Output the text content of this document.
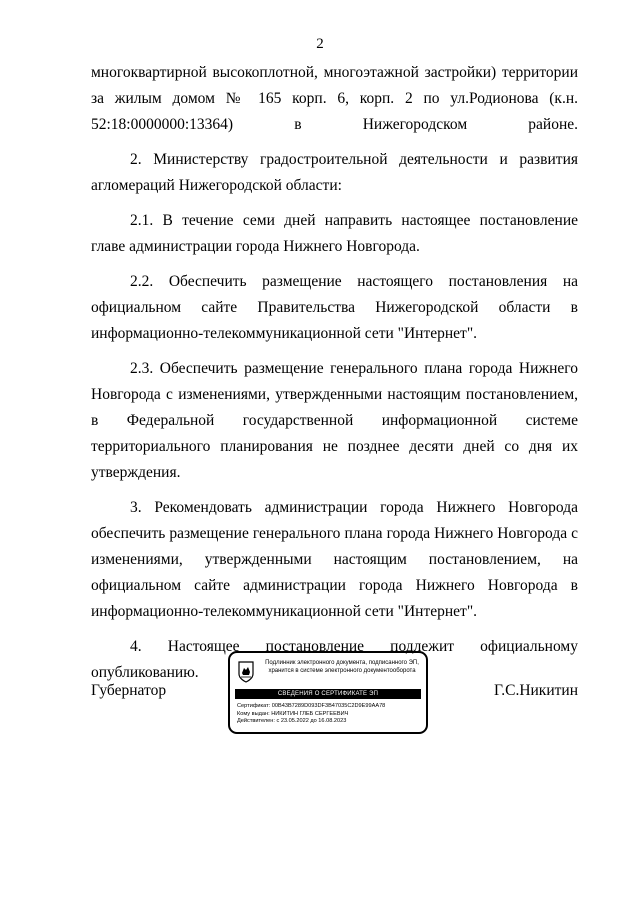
2

многоквартирной высокоплотной, многоэтажной застройки) территории за жилым домом № 165 корп. 6, корп. 2 по ул.Родионова (к.н. 52:18:0000000:13364) в Нижегородском районе.

2. Министерству градостроительной деятельности и развития агломераций Нижегородской области:

2.1. В течение семи дней направить настоящее постановление главе администрации города Нижнего Новгорода.

2.2. Обеспечить размещение настоящего постановления на официальном сайте Правительства Нижегородской области в информационно-телекоммуникационной сети "Интернет".

2.3. Обеспечить размещение генерального плана города Нижнего Новгорода с изменениями, утвержденными настоящим постановлением, в Федеральной государственной информационной системе территориального планирования не позднее десяти дней со дня их утверждения.

3. Рекомендовать администрации города Нижнего Новгорода обеспечить размещение генерального плана города Нижнего Новгорода с изменениями, утвержденными настоящим постановлением, на официальном сайте администрации города Нижнего Новгорода в информационно-телекоммуникационной сети "Интернет".

4. Настоящее постановление подлежит официальному опубликованию.

Губернатор	Г.С.Никитин
Подлинник электронного документа, подписанного ЭП,
хранится в системе электронного документооборота
СВЕДЕНИЯ О СЕРТИФИКАТЕ ЭП
Сертификат: 00B43B7289D093DF3B47035C2D9E99AA78
Кому выдан: НИКИТИН ГЛЕБ СЕРГЕЕВИЧ
Действителен: с 23.05.2022 до 16.08.2023
